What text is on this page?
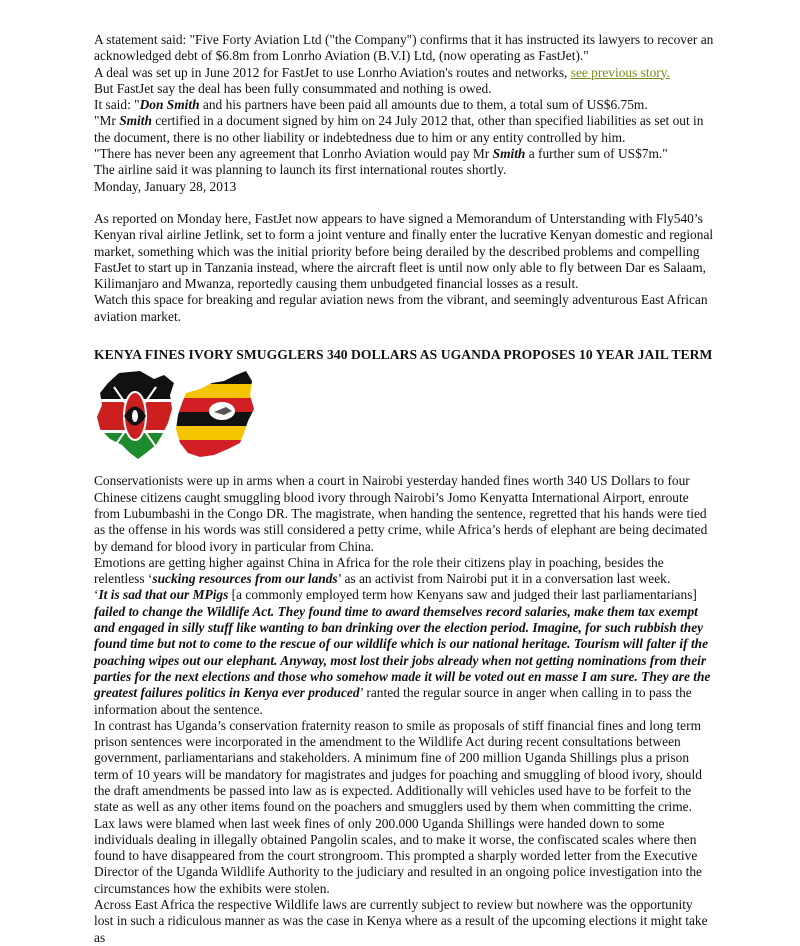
A statement said: "Five Forty Aviation Ltd ("the Company") confirms that it has instructed its lawyers to recover an acknowledged debt of $6.8m from Lonrho Aviation (B.V.I) Ltd, (now operating as FastJet)."

A deal was set up in June 2012 for FastJet to use Lonrho Aviation's routes and networks, see previous story.

But FastJet say the deal has been fully consummated and nothing is owed.

It said: "Don Smith and his partners have been paid all amounts due to them, a total sum of US$6.75m.

"Mr Smith certified in a document signed by him on 24 July 2012 that, other than specified liabilities as set out in the document, there is no other liability or indebtedness due to him or any entity controlled by him.

"There has never been any agreement that Lonrho Aviation would pay Mr Smith a further sum of US$7m."

The airline said it was planning to launch its first international routes shortly.

Monday, January 28, 2013

As reported on Monday here, FastJet now appears to have signed a Memorandum of Unterstanding with Fly540’s Kenyan rival airline Jetlink, set to form a joint venture and finally enter the lucrative Kenyan domestic and regional market, something which was the initial priority before being derailed by the described problems and compelling FastJet to start up in Tanzania instead, where the aircraft fleet is until now only able to fly between Dar es Salaam, Kilimanjaro and Mwanza, reportedly causing them unbudgeted financial losses as a result.

Watch this space for breaking and regular aviation news from the vibrant, and seemingly adventurous East African aviation market.

KENYA FINES IVORY SMUGGLERS 340 DOLLARS AS UGANDA PROPOSES 10 YEAR JAIL TERM

Conservationists were up in arms when a court in Nairobi yesterday handed fines worth 340 US Dollars to four Chinese citizens caught smuggling blood ivory through Nairobi’s Jomo Kenyatta International Airport, enroute from Lubumbashi in the Congo DR. The magistrate, when handing the sentence, regretted that his hands were tied as the offense in his words was still considered a petty crime, while Africa’s herds of elephant are being decimated by demand for blood ivory in particular from China.

Emotions are getting higher against China in Africa for the role their citizens play in poaching, besides the relentless ‘sucking resources from our lands’ as an activist from Nairobi put it in a conversation last week.

‘It is sad that our MPigs [a commonly employed term how Kenyans saw and judged their last parliamentarians] failed to change the Wildlife Act. They found time to award themselves record salaries, make them tax exempt and engaged in silly stuff like wanting to ban drinking over the election period. Imagine, for such rubbish they found time but not to come to the rescue of our wildlife which is our national heritage. Tourism will falter if the poaching wipes out our elephant. Anyway, most lost their jobs already when not getting nominations from their parties for the next elections and those who somehow made it will be voted out en masse I am sure. They are the greatest failures politics in Kenya ever produced’ ranted the regular source in anger when calling in to pass the information about the sentence.

In contrast has Uganda’s conservation fraternity reason to smile as proposals of stiff financial fines and long term prison sentences were incorporated in the amendment to the Wildlife Act during recent consultations between government, parliamentarians and stakeholders. A minimum fine of 200 million Uganda Shillings plus a prison term of 10 years will be mandatory for magistrates and judges for poaching and smuggling of blood ivory, should the draft amendments be passed into law as is expected. Additionally will vehicles used have to be forfeit to the state as well as any other items found on the poachers and smugglers used by them when committing the crime.

Lax laws were blamed when last week fines of only 200.000 Uganda Shillings were handed down to some individuals dealing in illegally obtained Pangolin scales, and to make it worse, the confiscated scales where then found to have disappeared from the court strongroom. This prompted a sharply worded letter from the Executive Director of the Uganda Wildlife Authority to the judiciary and resulted in an ongoing police investigation into the circumstances how the exhibits were stolen.

Across East Africa the respective Wildlife laws are currently subject to review but nowhere was the opportunity lost in such a ridiculous manner as was the case in Kenya where as a result of the upcoming elections it might take as
